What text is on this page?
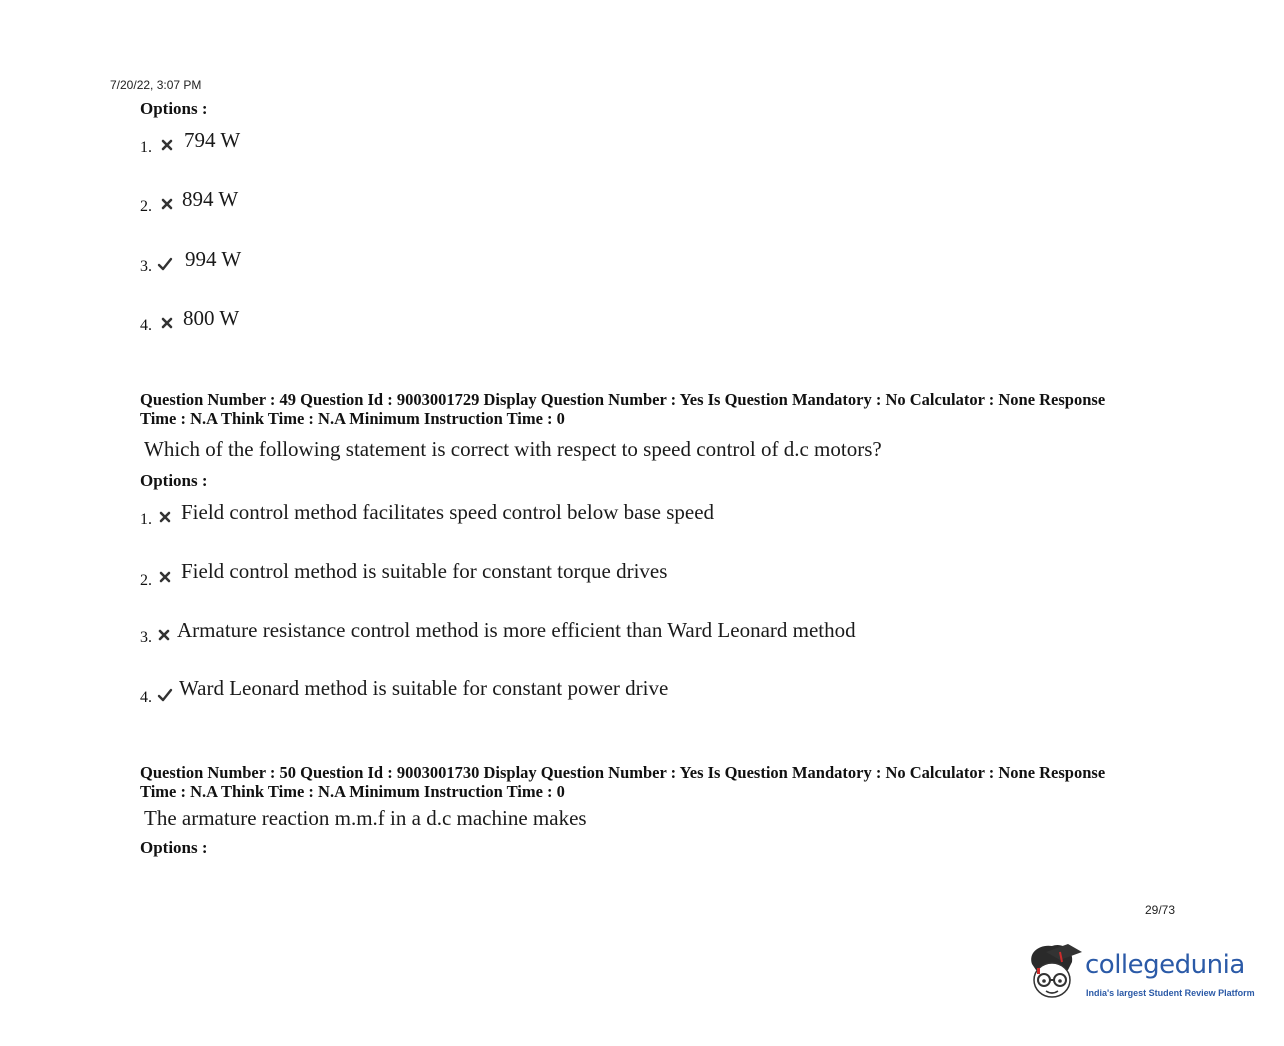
7/20/22, 3:07 PM
Options :
1. 794 W
2. 894 W
3. 994 W
4. 800 W
Question Number : 49 Question Id : 9003001729 Display Question Number : Yes Is Question Mandatory : No Calculator : None Response
Time : N.A Think Time : N.A Minimum Instruction Time : 0
Which of the following statement is correct with respect to speed control of d.c motors?
Options :
1. Field control method facilitates speed control below base speed
2. Field control method is suitable for constant torque drives
3. Armature resistance control method is more efficient than Ward Leonard method
4. Ward Leonard method is suitable for constant power drive
Question Number : 50 Question Id : 9003001730 Display Question Number : Yes Is Question Mandatory : No Calculator : None Response
Time : N.A Think Time : N.A Minimum Instruction Time : 0
The armature reaction m.m.f in a d.c machine makes
Options :
29/73
collegedunia
India's largest Student Review Platform
